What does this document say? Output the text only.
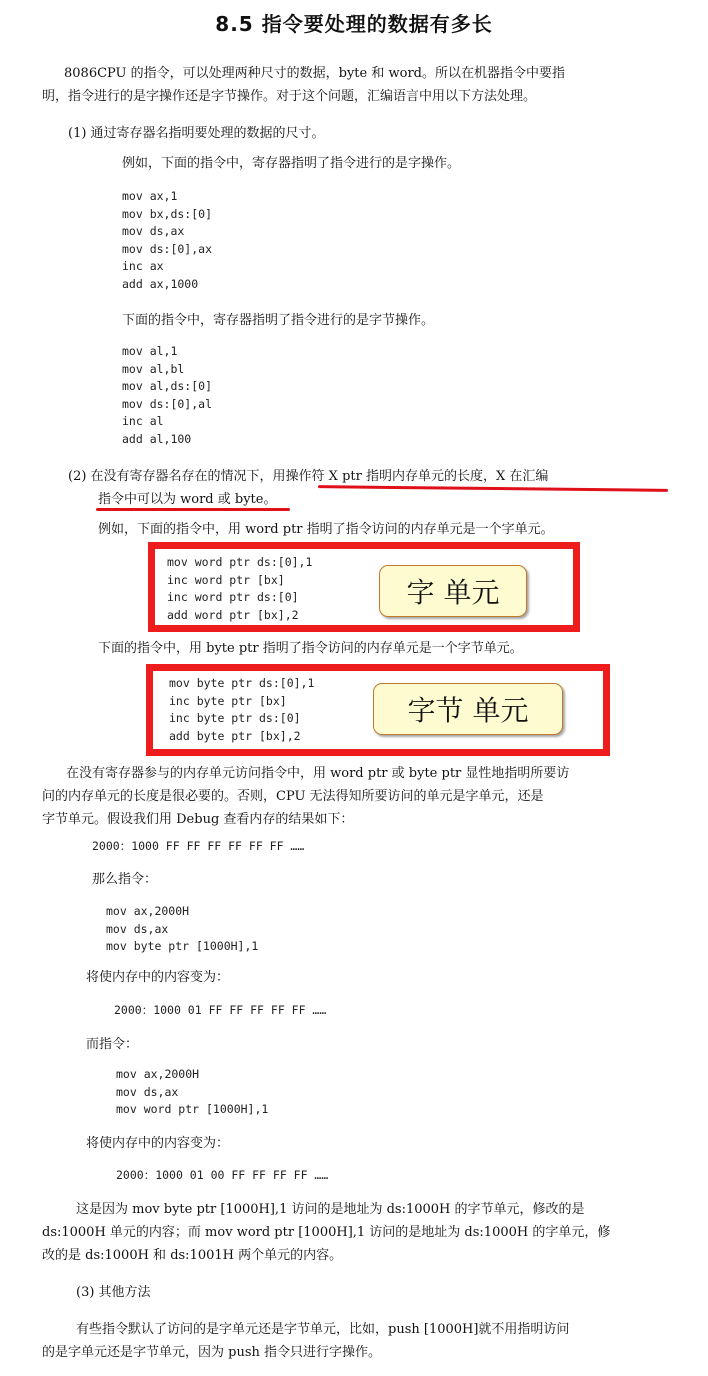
8.5 指令要处理的数据有多长
8086CPU 的指令，可以处理两种尺寸的数据，byte 和 word。所以在机器指令中要指
明，指令进行的是字操作还是字节操作。对于这个问题，汇编语言中用以下方法处理。
(1) 通过寄存器名指明要处理的数据的尺寸。
例如，下面的指令中，寄存器指明了指令进行的是字操作。
mov ax,1
mov bx,ds:[0]
mov ds,ax
mov ds:[0],ax
inc ax
add ax,1000
下面的指令中，寄存器指明了指令进行的是字节操作。
mov al,1
mov al,bl
mov al,ds:[0]
mov ds:[0],al
inc al
add al,100
(2) 在没有寄存器名存在的情况下，用操作符 X ptr 指明内存单元的长度，X 在汇编
指令中可以为 word 或 byte。
例如，下面的指令中，用 word ptr 指明了指令访问的内存单元是一个字单元。
mov word ptr ds:[0],1
inc word ptr [bx]
inc word ptr ds:[0]
add word ptr [bx],2
字 单元
下面的指令中，用 byte ptr 指明了指令访问的内存单元是一个字节单元。
mov byte ptr ds:[0],1
inc byte ptr [bx]
inc byte ptr ds:[0]
add byte ptr [bx],2
字节 单元
在没有寄存器参与的内存单元访问指令中，用 word ptr 或 byte ptr 显性地指明所要访
问的内存单元的长度是很必要的。否则，CPU 无法得知所要访问的单元是字单元，还是
字节单元。假设我们用 Debug 查看内存的结果如下：
2000：1000 FF FF FF FF FF FF ……
那么指令：
mov ax,2000H
mov ds,ax
mov byte ptr [1000H],1
将使内存中的内容变为：
2000：1000 01 FF FF FF FF FF ……
而指令：
mov ax,2000H
mov ds,ax
mov word ptr [1000H],1
将使内存中的内容变为：
2000：1000 01 00 FF FF FF FF ……
这是因为 mov byte ptr [1000H],1 访问的是地址为 ds:1000H 的字节单元，修改的是
ds:1000H 单元的内容；而 mov word ptr [1000H],1 访问的是地址为 ds:1000H 的字单元，修
改的是 ds:1000H 和 ds:1001H 两个单元的内容。
(3) 其他方法
有些指令默认了访问的是字单元还是字节单元，比如，push [1000H]就不用指明访问
的是字单元还是字节单元，因为 push 指令只进行字操作。
